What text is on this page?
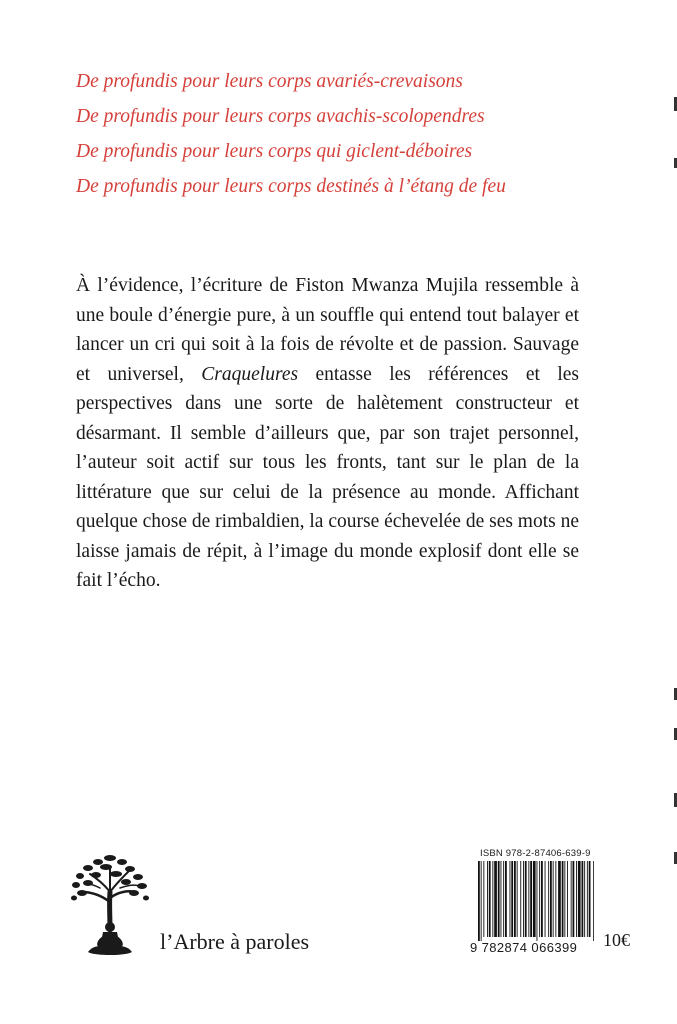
De profundis pour leurs corps avariés-crevaisons
De profundis pour leurs corps avachis-scolopendres
De profundis pour leurs corps qui giclent-déboires
De profundis pour leurs corps destinés à l’étang de feu
À l’évidence, l’écriture de Fiston Mwanza Mujila ressemble à une boule d’énergie pure, à un souffle qui entend tout balayer et lancer un cri qui soit à la fois de révolte et de passion. Sauvage et universel, Craquelures entasse les références et les perspectives dans une sorte de halètement constructeur et désarmant. Il semble d’ailleurs que, par son trajet personnel, l’auteur soit actif sur tous les fronts, tant sur le plan de la littérature que sur celui de la présence au monde. Affichant quelque chose de rimbaldien, la course échevelée de ses mots ne laisse jamais de répit, à l’image du monde explosif dont elle se fait l’écho.
l’Arbre à paroles
ISBN 978-2-87406-639-9
9 782874 066399	10€
